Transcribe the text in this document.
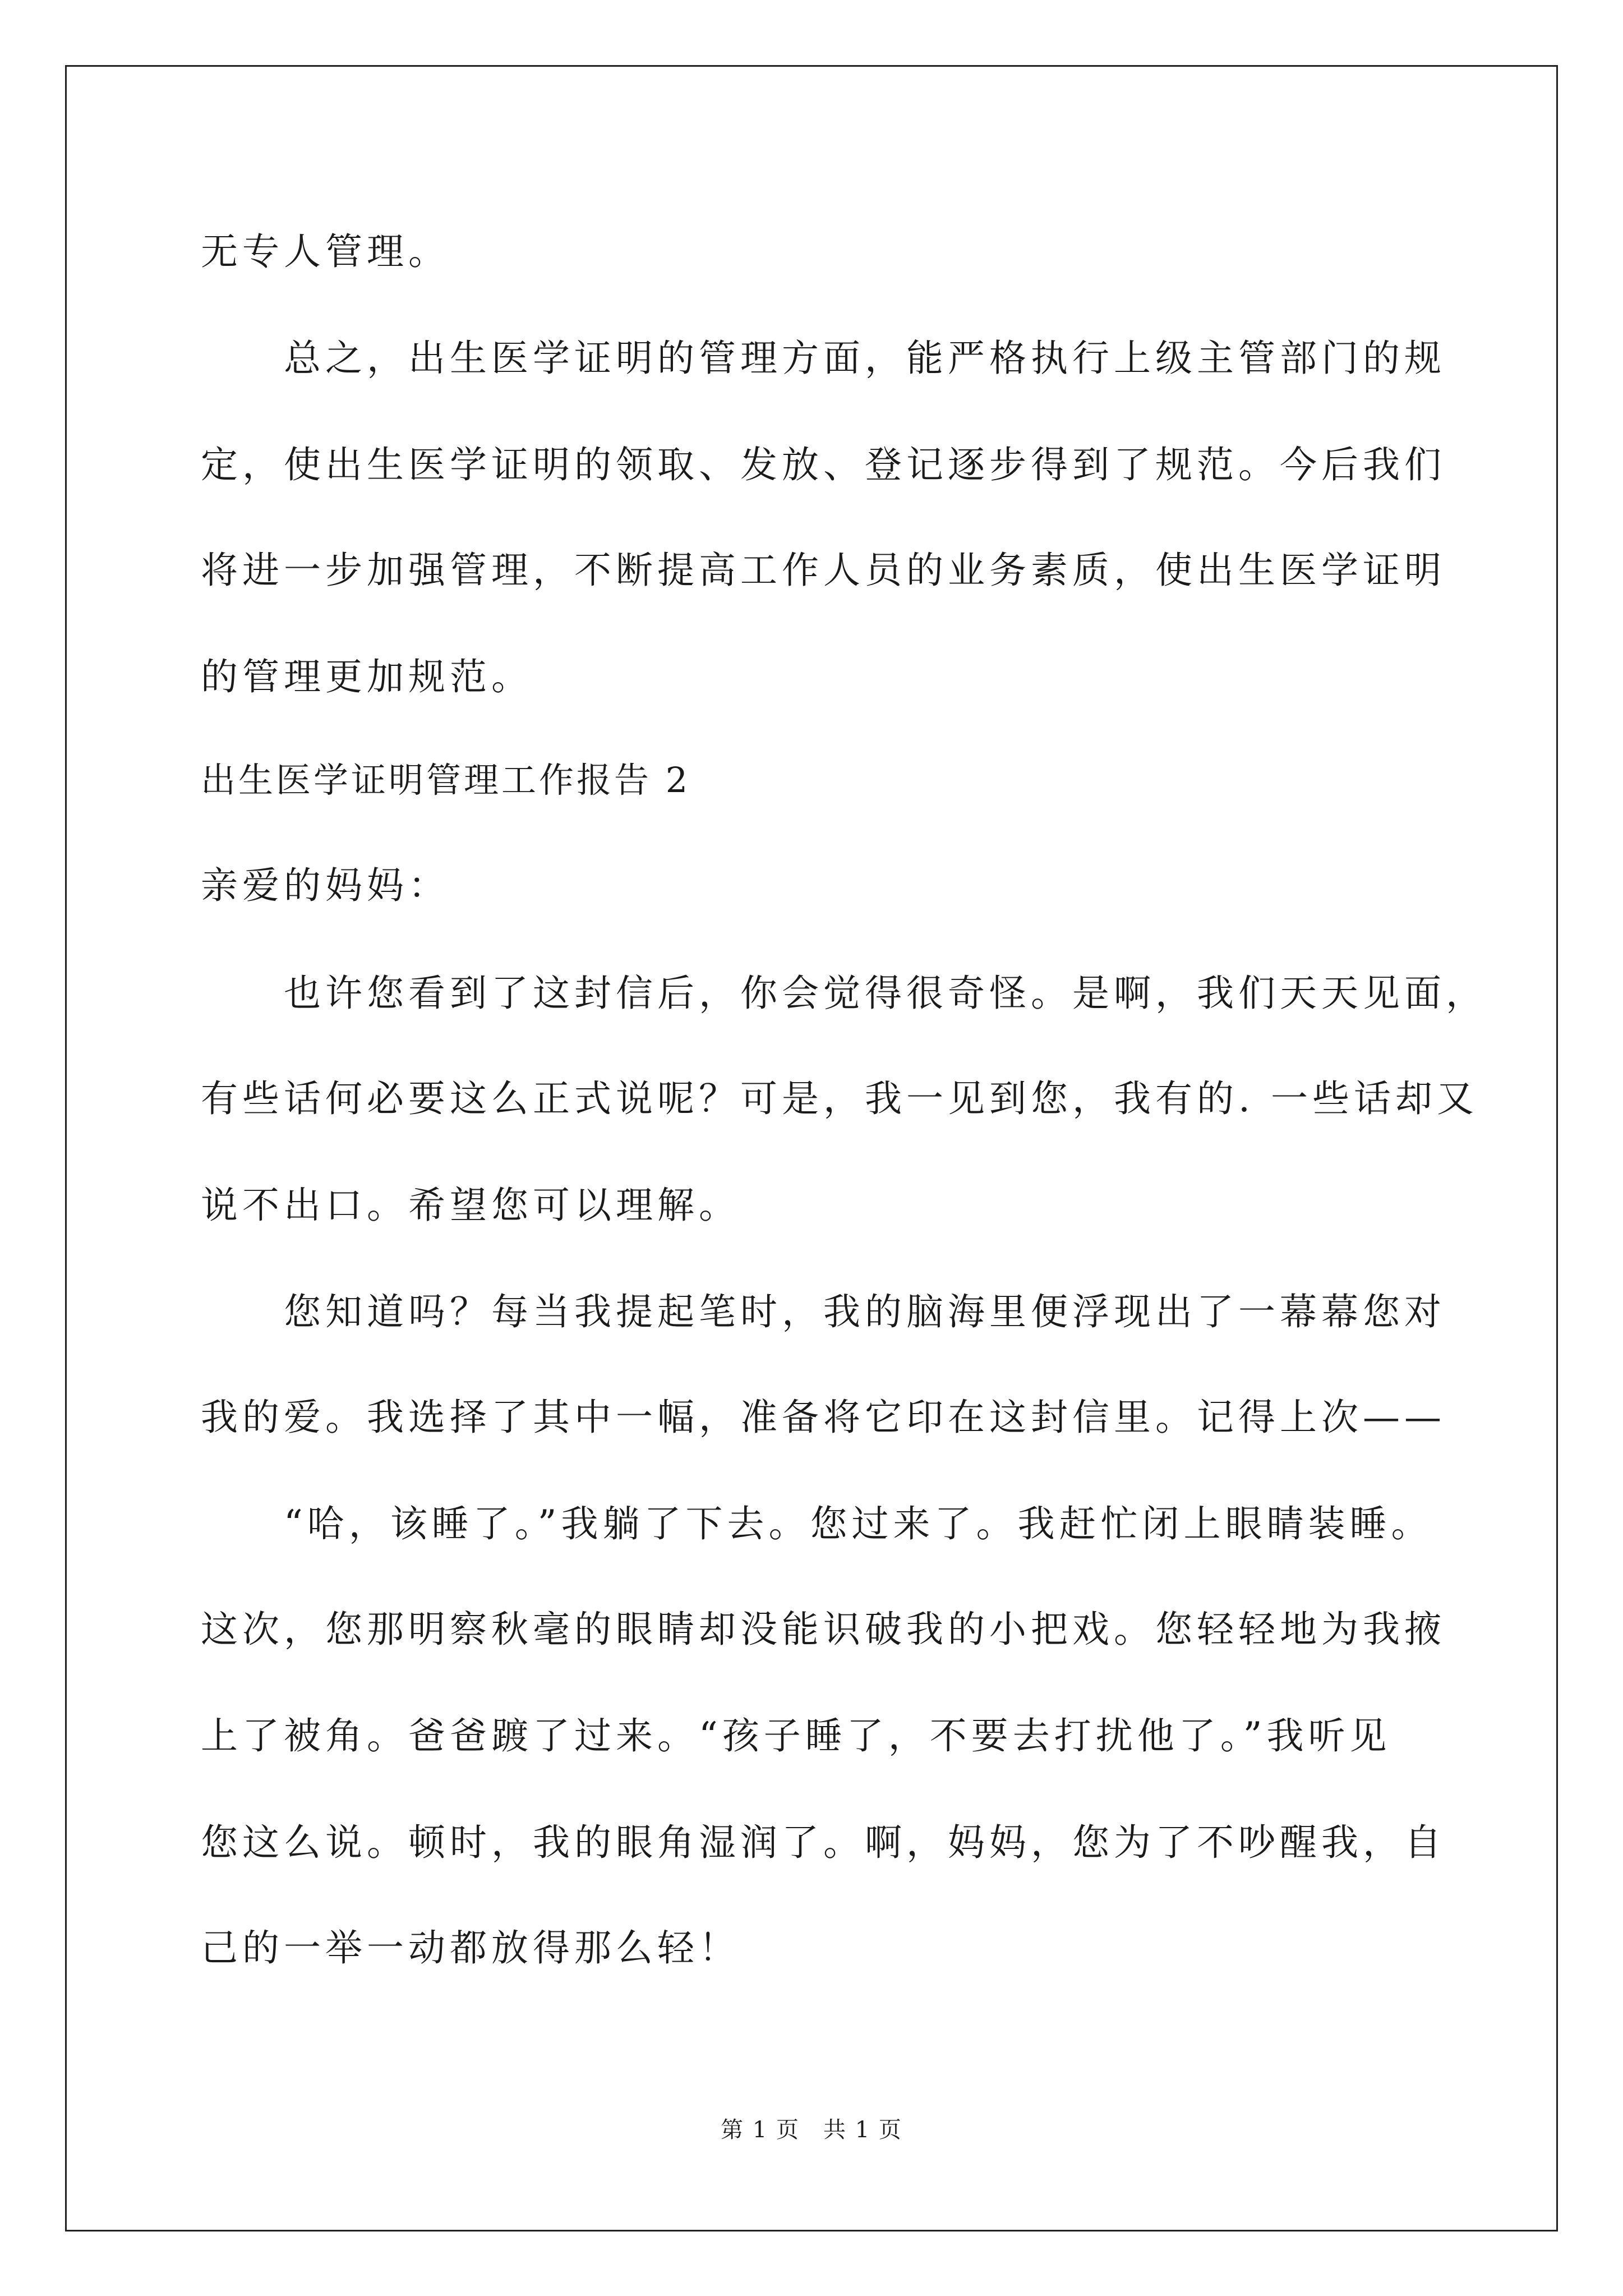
无专人管理。
总之，出生医学证明的管理方面，能严格执行上级主管部门的规
定，使出生医学证明的领取、发放、登记逐步得到了规范。今后我们
将进一步加强管理，不断提高工作人员的业务素质，使出生医学证明
的管理更加规范。
出生医学证明管理工作报告 2
亲爱的妈妈：
也许您看到了这封信后，你会觉得很奇怪。是啊，我们天天见面，
有些话何必要这么正式说呢？可是，我一见到您，我有的. 一些话却又
说不出口。希望您可以理解。
您知道吗？每当我提起笔时，我的脑海里便浮现出了一幕幕您对
我的爱。我选择了其中一幅，准备将它印在这封信里。记得上次——
“哈，该睡了。”我躺了下去。您过来了。我赶忙闭上眼睛装睡。
这次，您那明察秋毫的眼睛却没能识破我的小把戏。您轻轻地为我掖
上了被角。爸爸踱了过来。“孩子睡了，不要去打扰他了。”我听见
您这么说。顿时，我的眼角湿润了。啊，妈妈，您为了不吵醒我，自
己的一举一动都放得那么轻！
第 1 页　共 1 页
